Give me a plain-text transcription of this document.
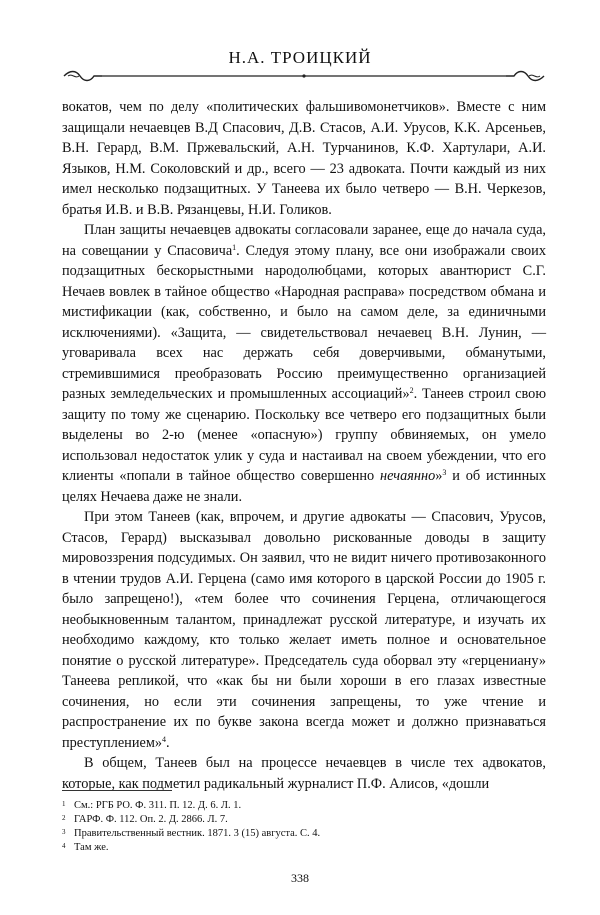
Н.А. ТРОИЦКИЙ

вокатов, чем по делу «политических фальшивомонетчиков». Вместе с ним защищали нечаевцев В.Д Спасович, Д.В. Стасов, А.И. Урусов, К.К. Арсеньев, В.Н. Герард, В.М. Пржевальский, А.Н. Турчанинов, К.Ф. Хартулари, А.И. Языков, Н.М. Соколовский и др., всего — 23 адвоката. Почти каждый из них имел несколько подзащитных. У Танеева их было четверо — В.Н. Черкезов, братья И.В. и В.В. Рязанцевы, Н.И. Голиков.

План защиты нечаевцев адвокаты согласовали заранее, еще до начала суда, на совещании у Спасовича$^1$. Следуя этому плану, все они изображали своих подзащитных бескорыстными народолюбцами, которых авантюрист С.Г. Нечаев вовлек в тайное общество «Народная расправа» посредством обмана и мистификации (как, собственно, и было на самом деле, за единичными исключениями). «Защита, — свидетельствовал нечаевец В.Н. Лунин, — уговаривала всех нас держать себя доверчивыми, обманутыми, стремившимися преобразовать Россию преимущественно организацией разных земледельческих и промышленных ассоциаций»$^2$. Танеев строил свою защиту по тому же сценарию. Поскольку все четверо его подзащитных были выделены во 2-ю (менее «опасную») группу обвиняемых, он умело использовал недостаток улик у суда и настаивал на своем убеждении, что его клиенты «попали в тайное общество совершенно нечаянно»$^3$ и об истинных целях Нечаева даже не знали.

При этом Танеев (как, впрочем, и другие адвокаты — Спасович, Урусов, Стасов, Герард) высказывал довольно рискованные доводы в защиту мировоззрения подсудимых. Он заявил, что не видит ничего противозаконного в чтении трудов А.И. Герцена (само имя которого в царской России до 1905 г. было запрещено!), «тем более что сочинения Герцена, отличающегося необыкновенным талантом, принадлежат русской литературе, и изучать их необходимо каждому, кто только желает иметь полное и основательное понятие о русской литературе». Председатель суда оборвал эту «герцениану» Танеева репликой, что «как бы ни были хороши в его глазах известные сочинения, но если эти сочинения запрещены, то уже чтение и распространение их по букве закона всегда может и должно признаваться преступлением»$^4$.

В общем, Танеев был на процессе нечаевцев в числе тех адвокатов, которые, как подметил радикальный журналист П.Ф. Алисов, «дошли

1 См.: РГБ РО. Ф. 311. П. 12. Д. 6. Л. 1.
2 ГАРФ. Ф. 112. Оп. 2. Д. 2866. Л. 7.
3 Правительственный вестник. 1871. 3 (15) августа. С. 4.
4 Там же.
338
